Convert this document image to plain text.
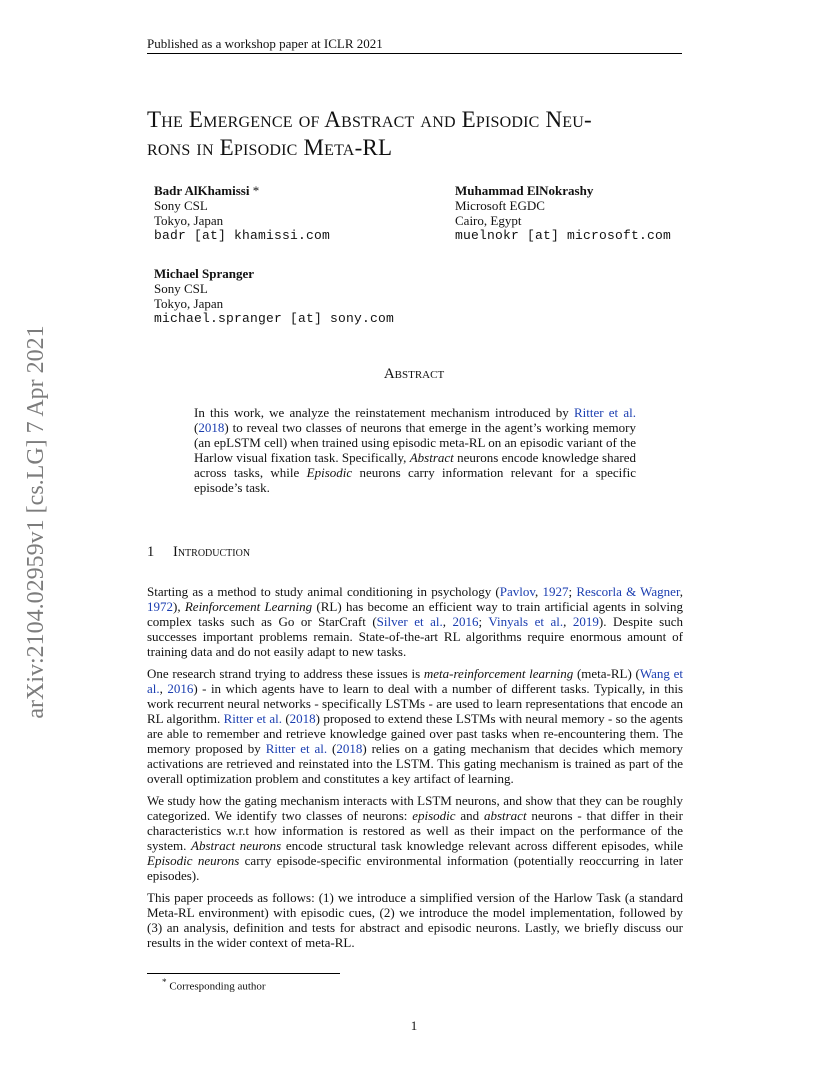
Published as a workshop paper at ICLR 2021
arXiv:2104.02959v1 [cs.LG] 7 Apr 2021
The Emergence of Abstract and Episodic Neu-
rons in Episodic Meta-RL
Badr AlKhamissi *
Sony CSL
Tokyo, Japan
badr [at] khamissi.com
Muhammad ElNokrashy
Microsoft EGDC
Cairo, Egypt
muelnokr [at] microsoft.com
Michael Spranger
Sony CSL
Tokyo, Japan
michael.spranger [at] sony.com
Abstract
In this work, we analyze the reinstatement mechanism introduced by Ritter et al. (2018) to reveal two classes of neurons that emerge in the agent’s working memory (an epLSTM cell) when trained using episodic meta-RL on an episodic variant of the Harlow visual fixation task. Specifically, Abstract neurons encode knowledge shared across tasks, while Episodic neurons carry information relevant for a specific episode’s task.
1 Introduction
Starting as a method to study animal conditioning in psychology (Pavlov, 1927; Rescorla & Wagner, 1972), Reinforcement Learning (RL) has become an efficient way to train artificial agents in solving complex tasks such as Go or StarCraft (Silver et al., 2016; Vinyals et al., 2019). Despite such successes important problems remain. State-of-the-art RL algorithms require enormous amount of training data and do not easily adapt to new tasks.
One research strand trying to address these issues is meta-reinforcement learning (meta-RL) (Wang et al., 2016) - in which agents have to learn to deal with a number of different tasks. Typically, in this work recurrent neural networks - specifically LSTMs - are used to learn representations that encode an RL algorithm. Ritter et al. (2018) proposed to extend these LSTMs with neural memory - so the agents are able to remember and retrieve knowledge gained over past tasks when re-encountering them. The memory proposed by Ritter et al. (2018) relies on a gating mechanism that decides which memory activations are retrieved and reinstated into the LSTM. This gating mechanism is trained as part of the overall optimization problem and constitutes a key artifact of learning.
We study how the gating mechanism interacts with LSTM neurons, and show that they can be roughly categorized. We identify two classes of neurons: episodic and abstract neurons - that differ in their characteristics w.r.t how information is restored as well as their impact on the performance of the system. Abstract neurons encode structural task knowledge relevant across different episodes, while Episodic neurons carry episode-specific environmental information (potentially reoccurring in later episodes).
This paper proceeds as follows: (1) we introduce a simplified version of the Harlow Task (a standard Meta-RL environment) with episodic cues, (2) we introduce the model implementation, followed by (3) an analysis, definition and tests for abstract and episodic neurons. Lastly, we briefly discuss our results in the wider context of meta-RL.
* Corresponding author
1
